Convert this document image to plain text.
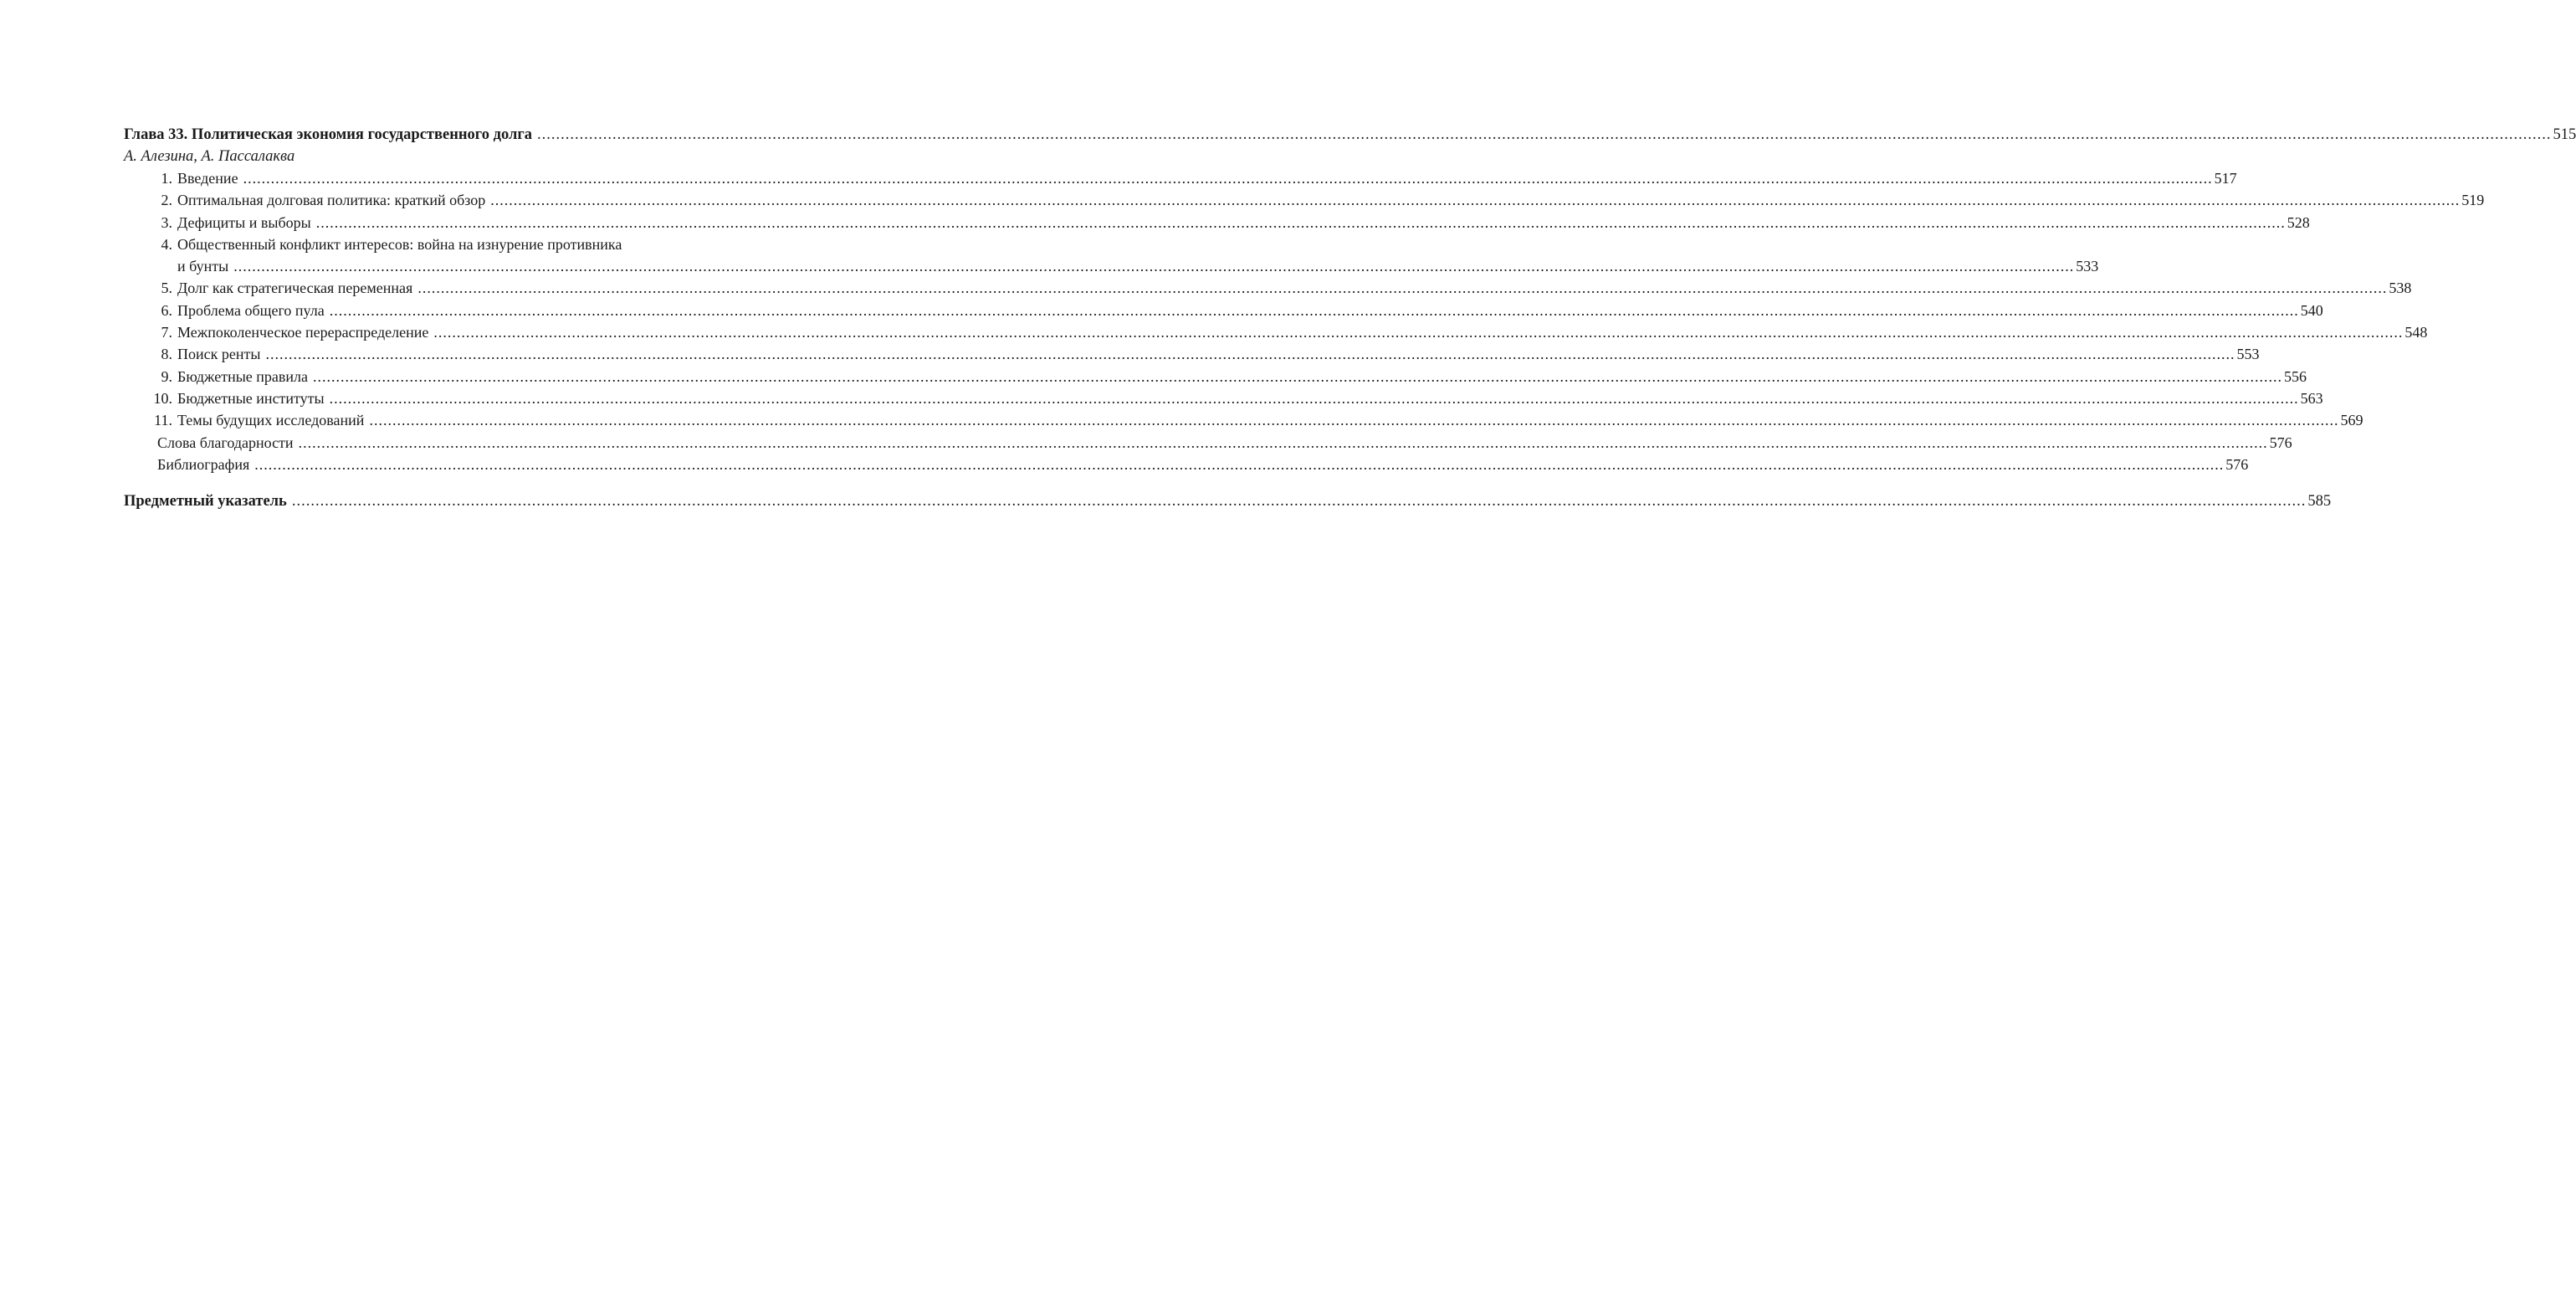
Глава 33. Политическая экономия государственного долга .....	515
А. Алезина, А. Пассалаква
1. Введение .....	517
2. Оптимальная долговая политика: краткий обзор .....	519
3. Дефициты и выборы .....	528
4. Общественный конфликт интересов: война на изнурение противника
и бунты ................................................................................................................................................................................................................................................................................................................................................................................................................ 533
5. Долг как стратегическая переменная .....	538
6. Проблема общего пула .....	540
7. Межпоколенческое перераспределение .....	548
8. Поиск ренты .....	553
9. Бюджетные правила .....	556
10. Бюджетные институты .....	563
11. Темы будущих исследований .....	569
Слова благодарности .....	576
Библиография .....	576
Предметный указатель .....	585
